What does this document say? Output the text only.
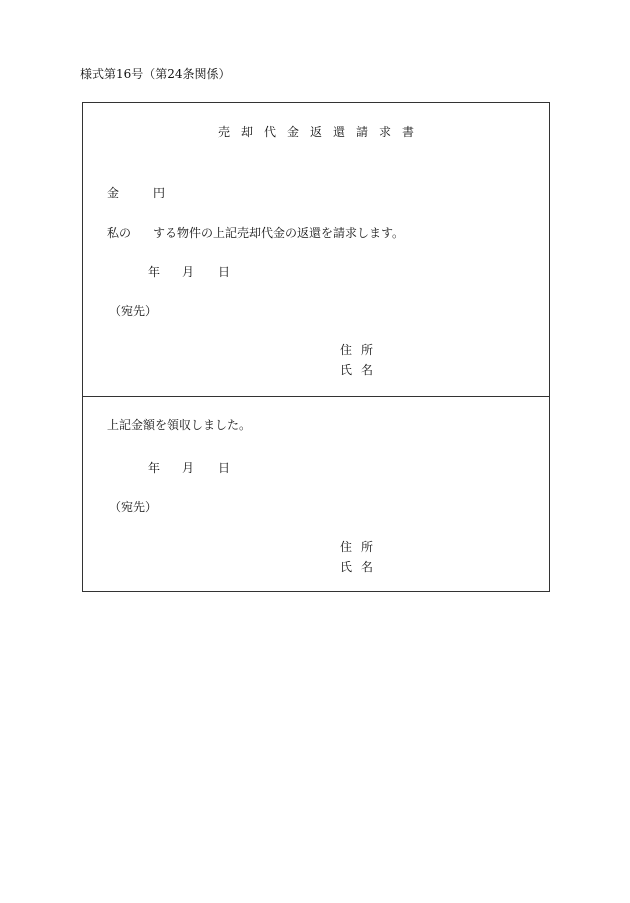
様式第16号（第24条関係）
売却代金返還請求書
金	円
私の する物件の上記売却代金の返還を請求します。
年 月 日
（宛先）
住所
氏名
上記金額を領収しました。
年 月 日
（宛先）
住所
氏名
